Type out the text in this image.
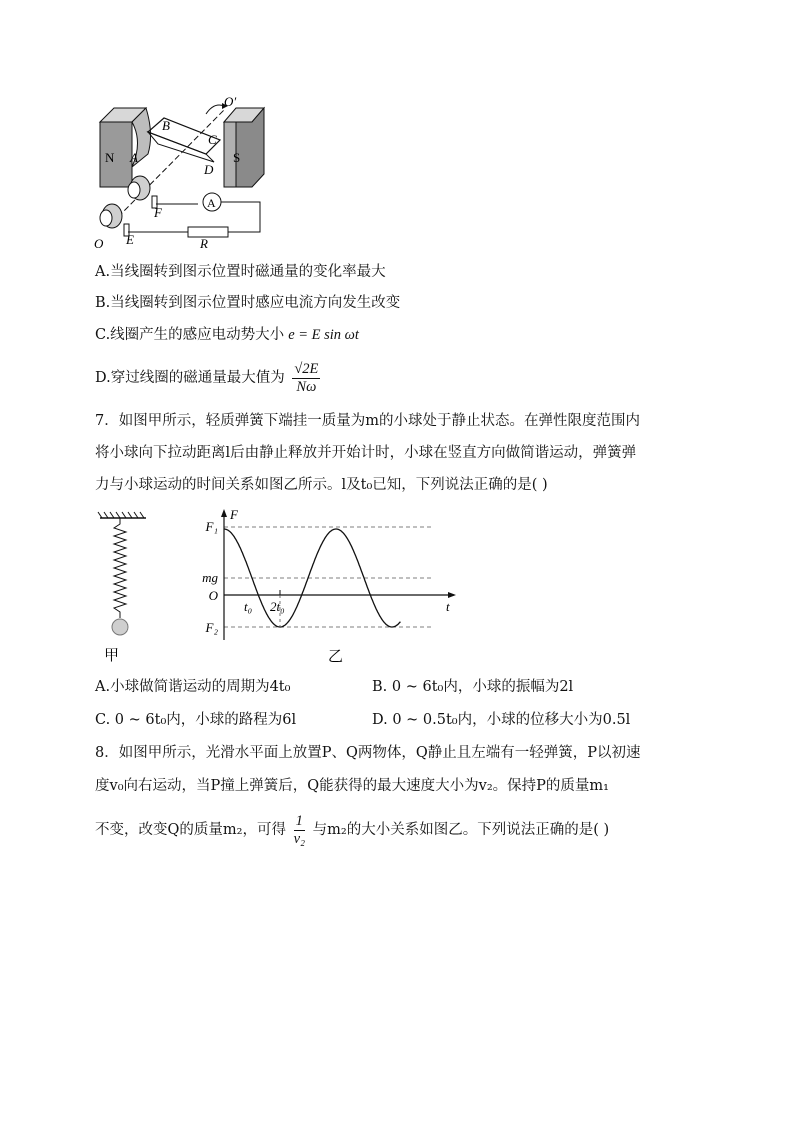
O′
B
C
N	S
A
D
F
E
O	R
A
A.当线圈转到图示位置时磁通量的变化率最大
B.当线圈转到图示位置时感应电流方向发生改变
C.线圈产生的感应电动势大小 e = E sin ωt
D.穿过线圈的磁通量最大值为 $\frac{√2E}{N\omega}$
7．如图甲所示，轻质弹簧下端挂一质量为m的小球处于静止状态。在弹性限度范围内
将小球向下拉动距离l后由静止释放并开始计时，小球在竖直方向做简谐运动，弹簧弹
力与小球运动的时间关系如图乙所示。l及t₀已知，下列说法正确的是( )
甲
F
t
F₁
mg
O
F₂
t₀ 2t₀
乙
A.小球做简谐运动的周期为4t₀	B. 0 ~ 6t₀内，小球的振幅为2l
C. 0 ~ 6t₀内，小球的路程为6l	D. 0 ~ 0.5t₀内，小球的位移大小为0.5l
8．如图甲所示，光滑水平面上放置P、Q两物体，Q静止且左端有一轻弹簧，P以初速
度v₀向右运动，当P撞上弹簧后，Q能获得的最大速度大小为v₂。保持P的质量m₁
不变，改变Q的质量m₂，可得 $\frac{1}{\text{v₂}}$ 与m₂的大小关系如图乙。下列说法正确的是( )
